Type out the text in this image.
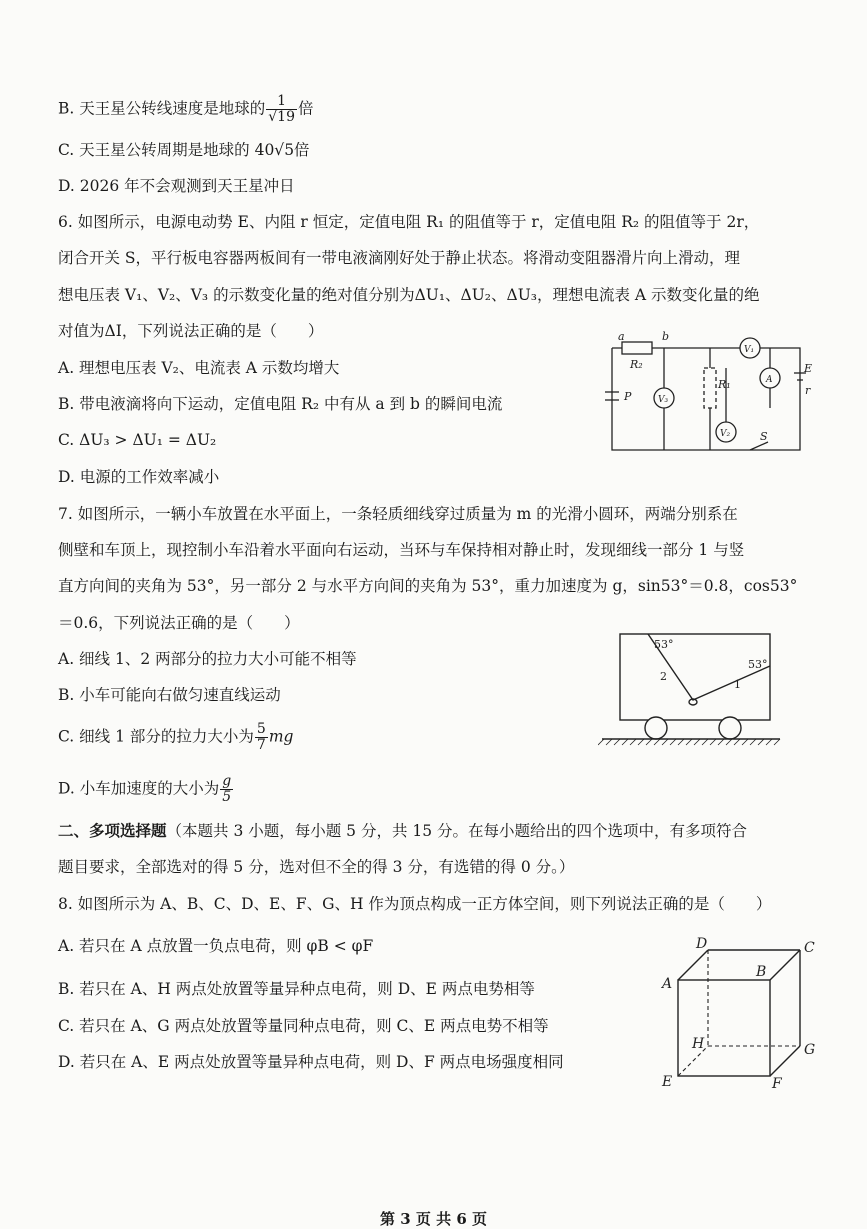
B. 天王星公转线速度是地球的 $\frac{1}{√19}$ 倍
C. 天王星公转周期是地球的 40√5倍
D. 2026 年不会观测到天王星冲日
6. 如图所示，电源电动势 E、内阻 r 恒定，定值电阻 R₁ 的阻值等于 r，定值电阻 R₂ 的阻值等于 2r，
闭合开关 S，平行板电容器两板间有一带电液滴刚好处于静止状态。将滑动变阻器滑片向上滑动，理
想电压表 V₁、V₂、V₃ 的示数变化量的绝对值分别为ΔU₁、ΔU₂、ΔU₃，理想电流表 A 示数变化量的绝
对值为ΔI，下列说法正确的是（　　）
A. 理想电压表 V₂、电流表 A 示数均增大
B. 带电液滴将向下运动，定值电阻 R₂ 中有从 a 到 b 的瞬间电流
C. ΔU₃ > ΔU₁ = ΔU₂
D. 电源的工作效率减小
a	b
R₂
V₁
A
E
r
P	V₃
R₁
V₂	S
7. 如图所示，一辆小车放置在水平面上，一条轻质细线穿过质量为 m 的光滑小圆环，两端分别系在
侧壁和车顶上，现控制小车沿着水平面向右运动，当环与车保持相对静止时，发现细线一部分 1 与竖
直方向间的夹角为 53°，另一部分 2 与水平方向间的夹角为 53°，重力加速度为 g，sin53°＝0.8，cos53°
＝0.6，下列说法正确的是（　　）
A. 细线 1、2 两部分的拉力大小可能不相等
B. 小车可能向右做匀速直线运动
C. 细线 1 部分的拉力大小为 $\frac{5}{7}$ mg
D. 小车加速度的大小为 $\frac{g}{5}$
53°
53°
2
1
二、多项选择题（本题共 3 小题，每小题 5 分，共 15 分。在每小题给出的四个选项中，有多项符合
题目要求，全部选对的得 5 分，选对但不全的得 3 分，有选错的得 0 分。）
8. 如图所示为 A、B、C、D、E、F、G、H 作为顶点构成一正方体空间，则下列说法正确的是（　　）
A. 若只在 A 点放置一负点电荷，则 φB < φF
B. 若只在 A、H 两点处放置等量异种点电荷，则 D、E 两点电势相等
C. 若只在 A、G 两点处放置等量同种点电荷，则 C、E 两点电势不相等
D. 若只在 A、E 两点处放置等量异种点电荷，则 D、F 两点电场强度相同
D	C
B
A
H	G
E	F
第 3 页 共 6 页
